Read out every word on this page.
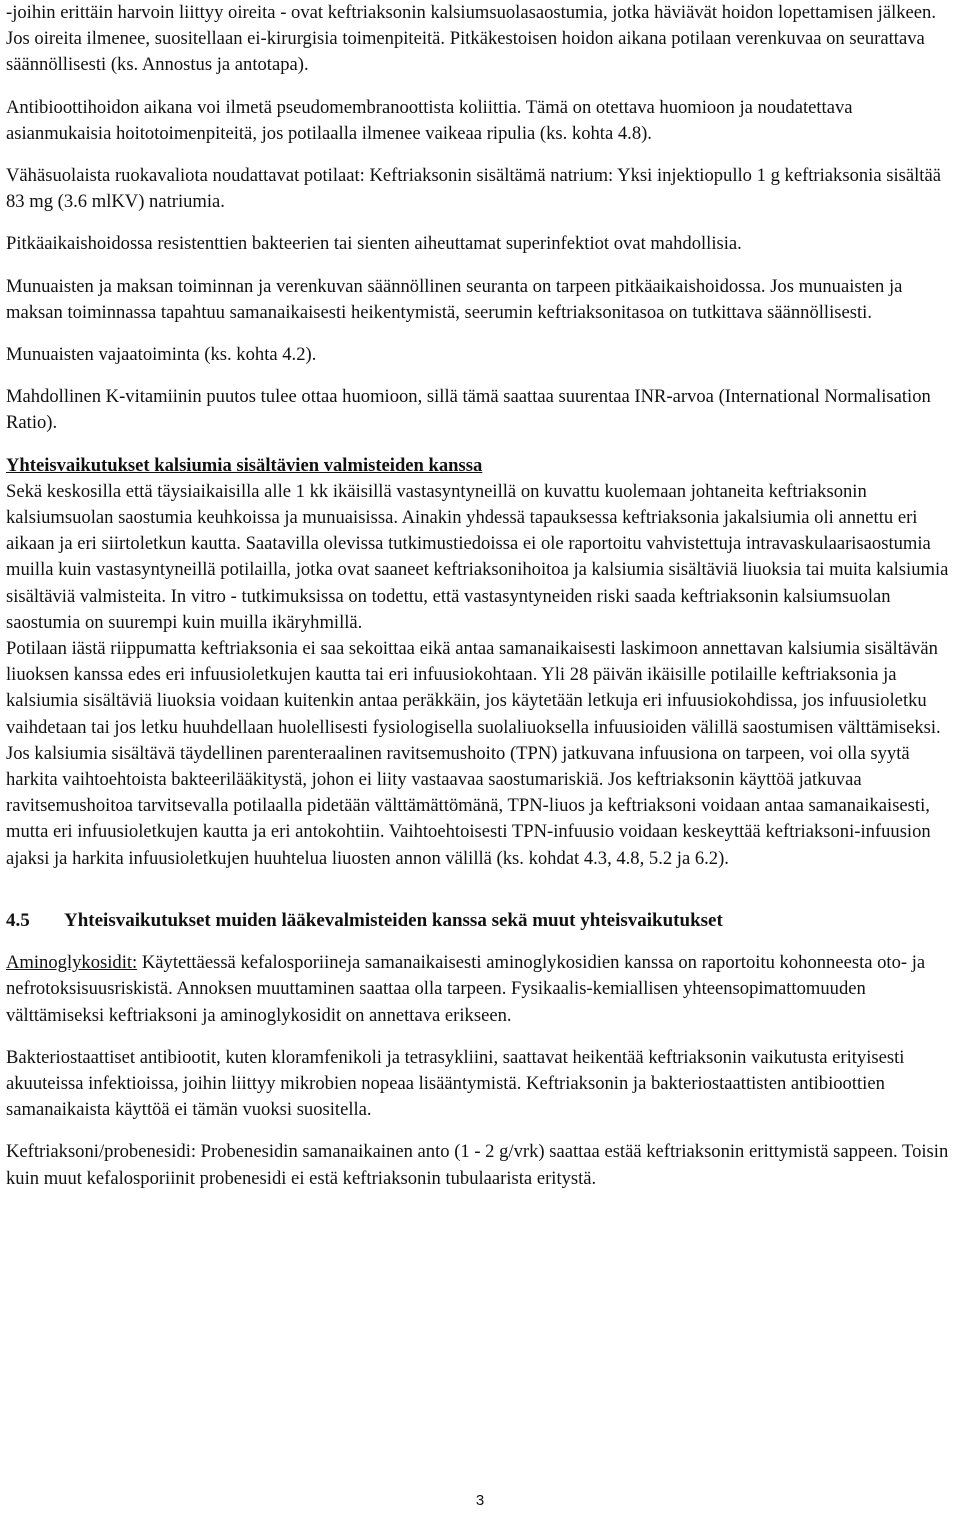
-joihin erittäin harvoin liittyy oireita - ovat keftriaksonin kalsiumsuolasaostumia, jotka häviävät hoidon lopettamisen jälkeen. Jos oireita ilmenee, suositellaan ei-kirurgisia toimenpiteitä. Pitkäkestoisen hoidon aikana potilaan verenkuvaa on seurattava säännöllisesti (ks. Annostus ja antotapa).

Antibioottihoidon aikana voi ilmetä pseudomembranoottista koliittia. Tämä on otettava huomioon ja noudatettava asianmukaisia hoitotoimenpiteitä, jos potilaalla ilmenee vaikeaa ripulia (ks. kohta 4.8).

Vähäsuolaista ruokavaliota noudattavat potilaat: Keftriaksonin sisältämä natrium: Yksi injektiopullo 1 g keftriaksonia sisältää 83 mg (3.6 mlKV) natriumia.

Pitkäaikaishoidossa resistenttien bakteerien tai sienten aiheuttamat superinfektiot ovat mahdollisia.

Munuaisten ja maksan toiminnan ja verenkuvan säännöllinen seuranta on tarpeen pitkäaikaishoidossa. Jos munuaisten ja maksan toiminnassa tapahtuu samanaikaisesti heikentymistä, seerumin keftriaksonitasoa on tutkittava säännöllisesti.

Munuaisten vajaatoiminta (ks. kohta 4.2).

Mahdollinen K-vitamiinin puutos tulee ottaa huomioon, sillä tämä saattaa suurentaa INR-arvoa (International Normalisation Ratio).

Yhteisvaikutukset kalsiumia sisältävien valmisteiden kanssa

Sekä keskosilla että täysiaikaisilla alle 1 kk ikäisillä vastasyntyneillä on kuvattu kuolemaan johtaneita keftriaksonin kalsiumsuolan saostumia keuhkoissa ja munuaisissa. Ainakin yhdessä tapauksessa keftriaksonia jakalsiumia oli annettu eri aikaan ja eri siirtoletkun kautta. Saatavilla olevissa tutkimustiedoissa ei ole raportoitu vahvistettuja intravaskulaarisaostumia muilla kuin vastasyntyneillä potilailla, jotka ovat saaneet keftriaksonihoitoa ja kalsiumia sisältäviä liuoksia tai muita kalsiumia sisältäviä valmisteita. In vitro - tutkimuksissa on todettu, että vastasyntyneiden riski saada keftriaksonin kalsiumsuolan saostumia on suurempi kuin muilla ikäryhmillä.

Potilaan iästä riippumatta keftriaksonia ei saa sekoittaa eikä antaa samanaikaisesti laskimoon annettavan kalsiumia sisältävän liuoksen kanssa edes eri infuusioletkujen kautta tai eri infuusiokohtaan. Yli 28 päivän ikäisille potilaille keftriaksonia ja kalsiumia sisältäviä liuoksia voidaan kuitenkin antaa peräkkäin, jos käytetään letkuja eri infuusiokohdissa, jos infuusioletku vaihdetaan tai jos letku huuhdellaan huolellisesti fysiologisella suolaliuoksella infuusioiden välillä saostumisen välttämiseksi. Jos kalsiumia sisältävä täydellinen parenteraalinen ravitsemushoito (TPN) jatkuvana infuusiona on tarpeen, voi olla syytä harkita vaihtoehtoista bakteerilääkitystä, johon ei liity vastaavaa saostumariskiä. Jos keftriaksonin käyttöä jatkuvaa ravitsemushoitoa tarvitsevalla potilaalla pidetään välttämättömänä, TPN-liuos ja keftriaksoni voidaan antaa samanaikaisesti, mutta eri infuusioletkujen kautta ja eri antokohtiin. Vaihtoehtoisesti TPN-infuusio voidaan keskeyttää keftriaksoni-infuusion ajaksi ja harkita infuusioletkujen huuhtelua liuosten annon välillä (ks. kohdat 4.3, 4.8, 5.2 ja 6.2).

4.5 Yhteisvaikutukset muiden lääkevalmisteiden kanssa sekä muut yhteisvaikutukset

Aminoglykosidit: Käytettäessä kefalosporiineja samanaikaisesti aminoglykosidien kanssa on raportoitu kohonneesta oto- ja nefrotoksisuusriskistä. Annoksen muuttaminen saattaa olla tarpeen. Fysikaalis-kemiallisen yhteensopimattomuuden välttämiseksi keftriaksoni ja aminoglykosidit on annettava erikseen.

Bakteriostaattiset antibiootit, kuten kloramfenikoli ja tetrasykliini, saattavat heikentää keftriaksonin vaikutusta erityisesti akuuteissa infektioissa, joihin liittyy mikrobien nopeaa lisääntymistä. Keftriaksonin ja bakteriostaattisten antibioottien samanaikaista käyttöä ei tämän vuoksi suositella.

Keftriaksoni/probenesidi: Probenesidin samanaikainen anto (1 - 2 g/vrk) saattaa estää keftriaksonin erittymistä sappeen. Toisin kuin muut kefalosporiinit probenesidi ei estä keftriaksonin tubulaarista eritystä.

3
